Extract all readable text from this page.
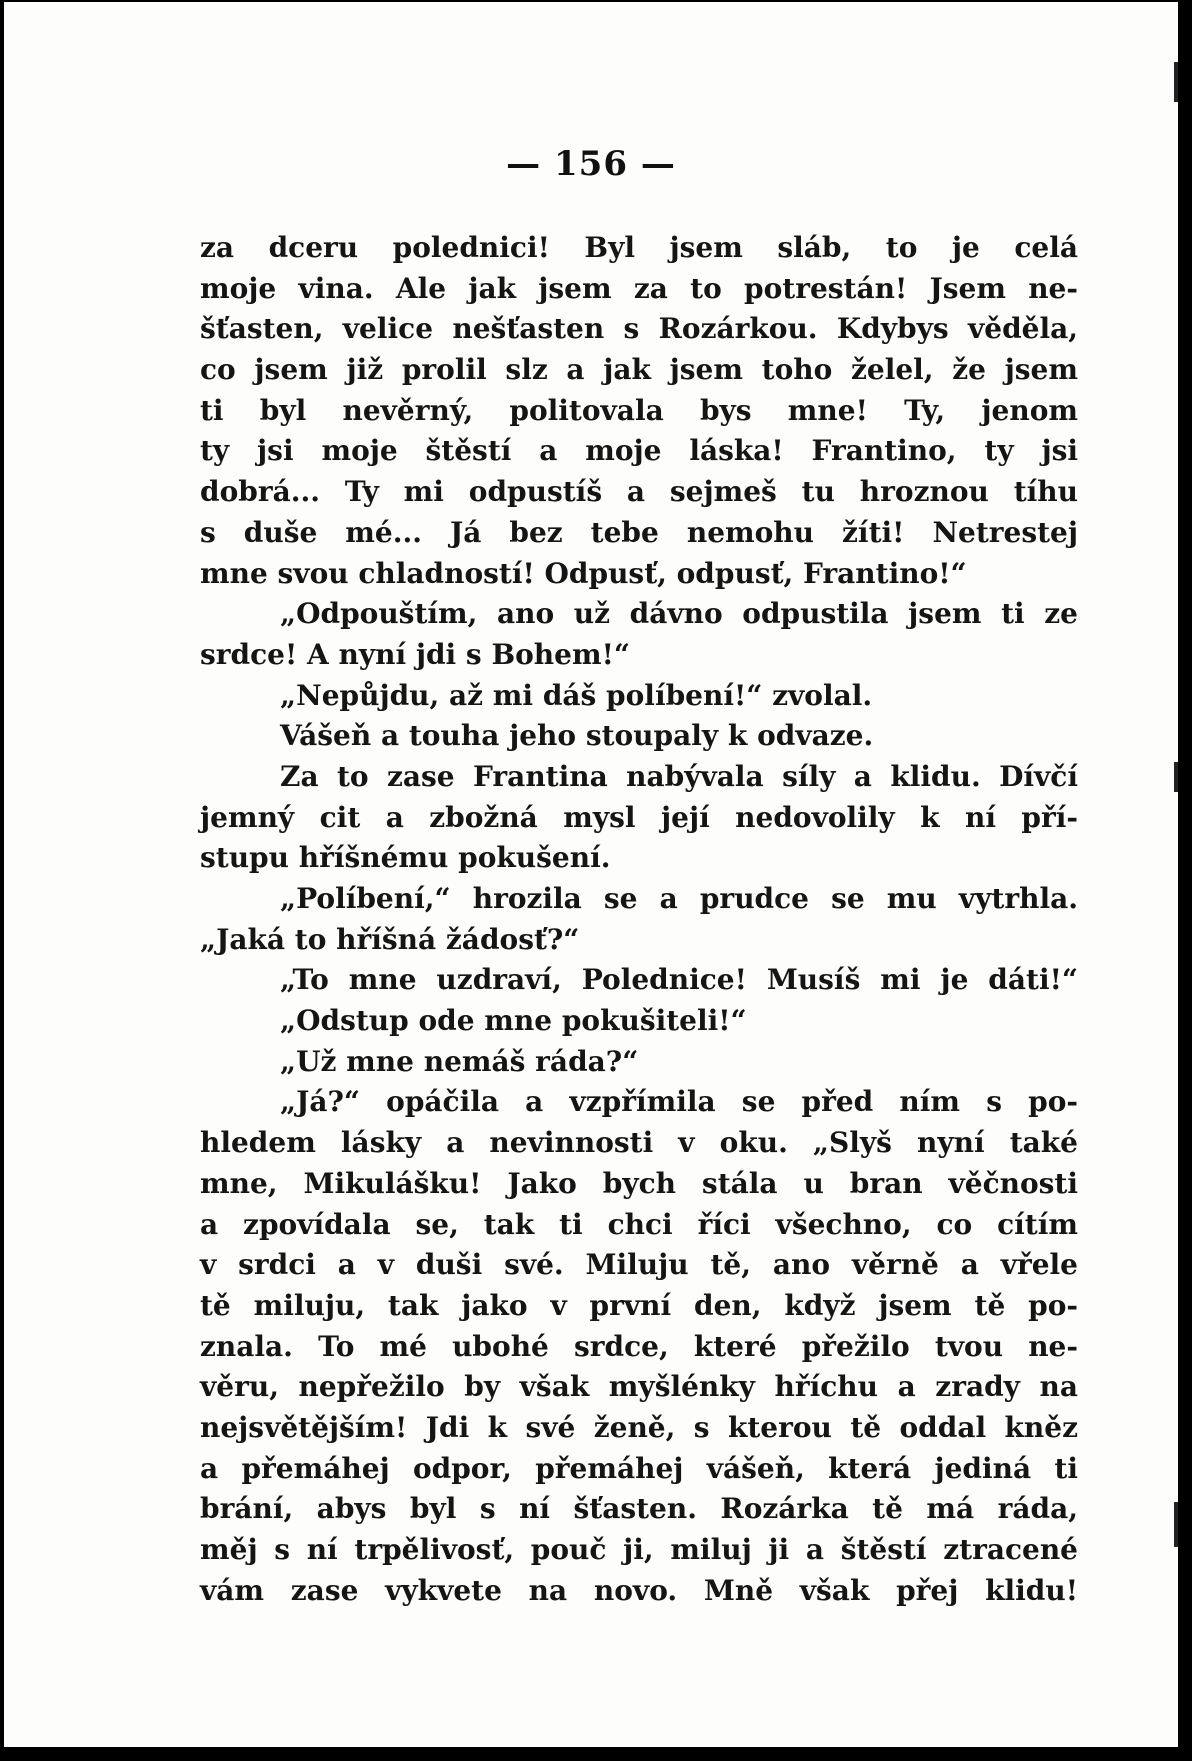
— 156 —
za dceru polednici! Byl jsem sláb, to je celá
moje vina. Ale jak jsem za to potrestán! Jsem ne-
šťasten, velice nešťasten s Rozárkou. Kdybys věděla,
co jsem již prolil slz a jak jsem toho želel, že jsem
ti byl nevěrný, politovala bys mne! Ty, jenom
ty jsi moje štěstí a moje láska! Frantino, ty jsi
dobrá... Ty mi odpustíš a sejmeš tu hroznou tíhu
s duše mé... Já bez tebe nemohu žíti! Netrestej
mne svou chladností! Odpusť, odpusť, Frantino!“
„Odpouštím, ano už dávno odpustila jsem ti ze
srdce! A nyní jdi s Bohem!“
„Nepůjdu, až mi dáš políbení!“ zvolal.
Vášeň a touha jeho stoupaly k odvaze.
Za to zase Frantina nabývala síly a klidu. Dívčí
jemný cit a zbožná mysl její nedovolily k ní pří-
stupu hříšnému pokušení.
„Políbení,“ hrozila se a prudce se mu vytrhla.
„Jaká to hříšná žádosť?“
„To mne uzdraví, Polednice! Musíš mi je dáti!“
„Odstup ode mne pokušiteli!“
„Už mne nemáš ráda?“
„Já?“ opáčila a vzpřímila se před ním s po-
hledem lásky a nevinnosti v oku. „Slyš nyní také
mne, Mikulášku! Jako bych stála u bran věčnosti
a zpovídala se, tak ti chci říci všechno, co cítím
v srdci a v duši své. Miluju tě, ano věrně a vřele
tě miluju, tak jako v první den, když jsem tě po-
znala. To mé ubohé srdce, které přežilo tvou ne-
věru, nepřežilo by však myšlénky hříchu a zrady na
nejsvětějším! Jdi k své ženě, s kterou tě oddal kněz
a přemáhej odpor, přemáhej vášeň, která jediná ti
brání, abys byl s ní šťasten. Rozárka tě má ráda,
měj s ní trpělivosť, pouč ji, miluj ji a štěstí ztracené
vám zase vykvete na novo. Mně však přej klidu!
